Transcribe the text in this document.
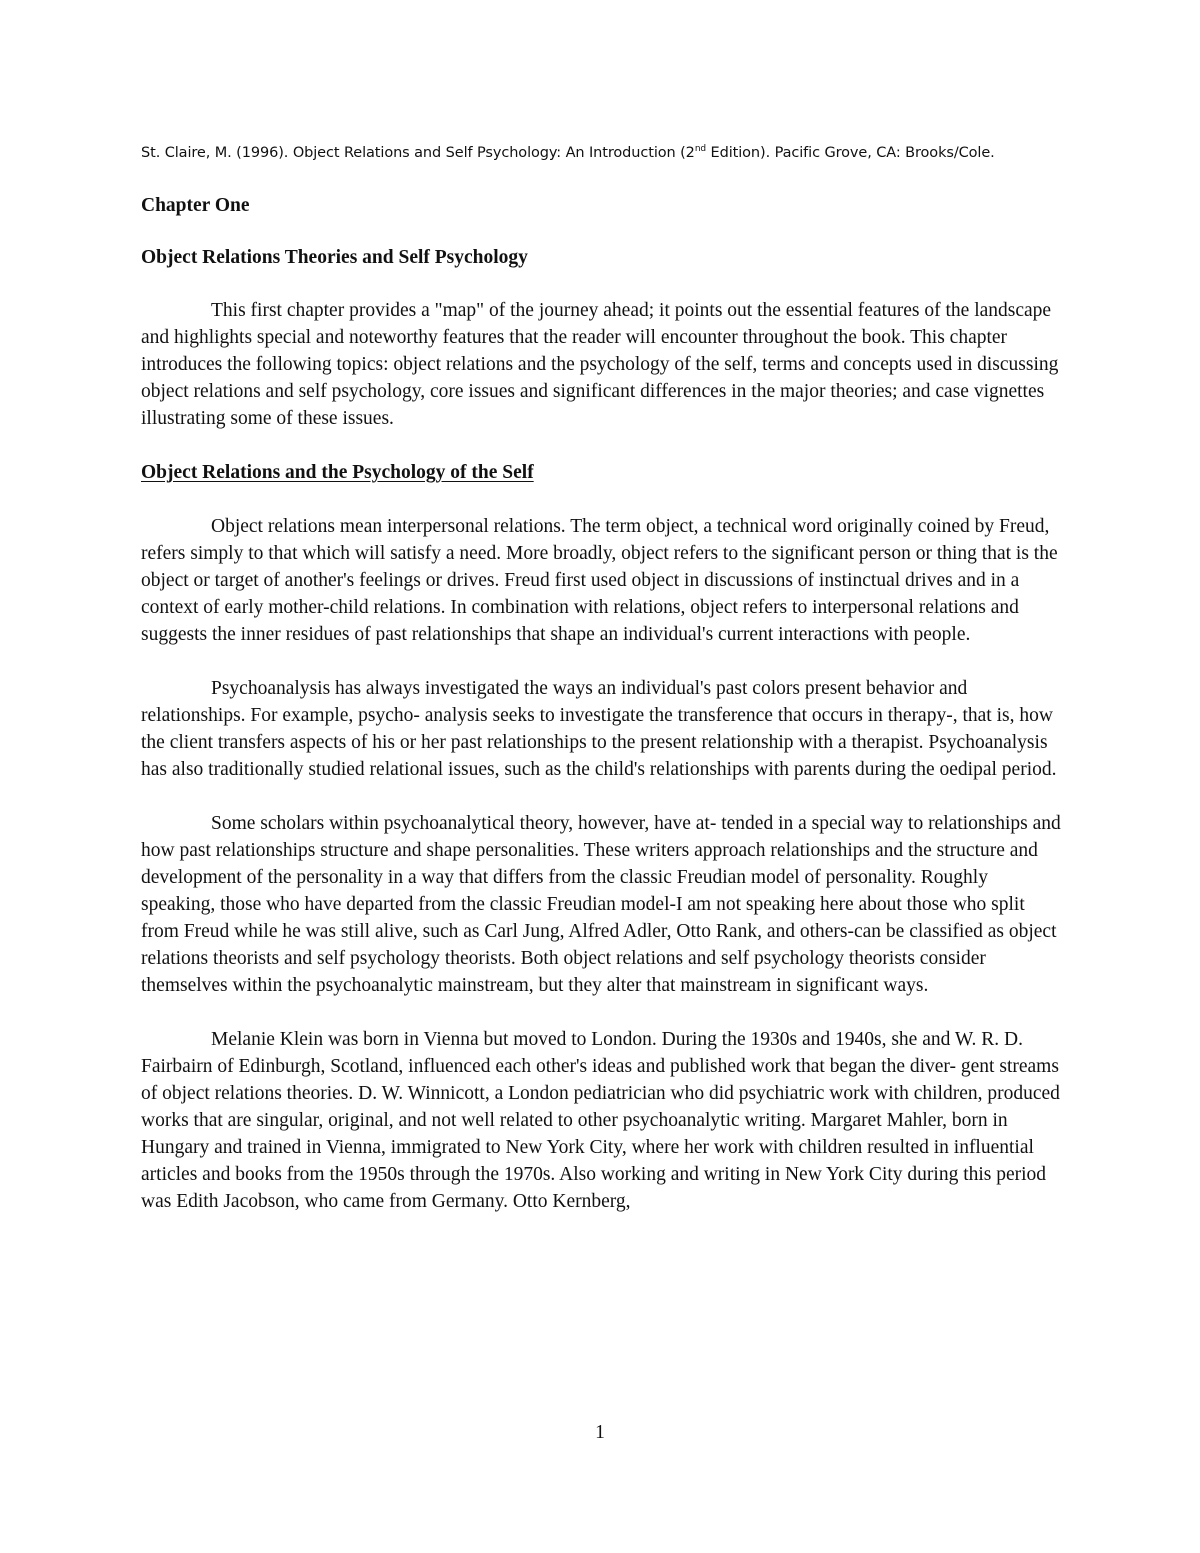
St. Claire, M. (1996). Object Relations and Self Psychology: An Introduction (2nd Edition). Pacific Grove, CA: Brooks/Cole.

Chapter One
Object Relations Theories and Self Psychology

This first chapter provides a "map" of the journey ahead; it points out the essential features of the landscape and highlights special and noteworthy features that the reader will encounter throughout the book. This chapter introduces the following topics: object relations and the psychology of the self, terms and concepts used in discussing object relations and self psychology, core issues and significant differences in the major theories; and case vignettes illustrating some of these issues.

Object Relations and the Psychology of the Self

Object relations mean interpersonal relations. The term object, a technical word originally coined by Freud, refers simply to that which will satisfy a need. More broadly, object refers to the significant person or thing that is the object or target of another's feelings or drives. Freud first used object in discussions of instinctual drives and in a context of early mother-child relations. In combination with relations, object refers to interpersonal relations and suggests the inner residues of past relationships that shape an individual's current interactions with people.

Psychoanalysis has always investigated the ways an individual's past colors present behavior and relationships. For example, psycho- analysis seeks to investigate the transference that occurs in therapy-, that is, how the client transfers aspects of his or her past relationships to the present relationship with a therapist. Psychoanalysis has also traditionally studied relational issues, such as the child's relationships with parents during the oedipal period.

Some scholars within psychoanalytical theory, however, have at- tended in a special way to relationships and how past relationships structure and shape personalities. These writers approach relationships and the structure and development of the personality in a way that differs from the classic Freudian model of personality. Roughly speaking, those who have departed from the classic Freudian model-I am not speaking here about those who split from Freud while he was still alive, such as Carl Jung, Alfred Adler, Otto Rank, and others-can be classified as object relations theorists and self psychology theorists. Both object relations and self psychology theorists consider themselves within the psychoanalytic mainstream, but they alter that mainstream in significant ways.

Melanie Klein was born in Vienna but moved to London. During the 1930s and 1940s, she and W. R. D. Fairbairn of Edinburgh, Scotland, influenced each other's ideas and published work that began the diver- gent streams of object relations theories. D. W. Winnicott, a London pediatrician who did psychiatric work with children, produced works that are singular, original, and not well related to other psychoanalytic writing. Margaret Mahler, born in Hungary and trained in Vienna, immigrated to New York City, where her work with children resulted in influential articles and books from the 1950s through the 1970s. Also working and writing in New York City during this period was Edith Jacobson, who came from Germany. Otto Kernberg,

1
